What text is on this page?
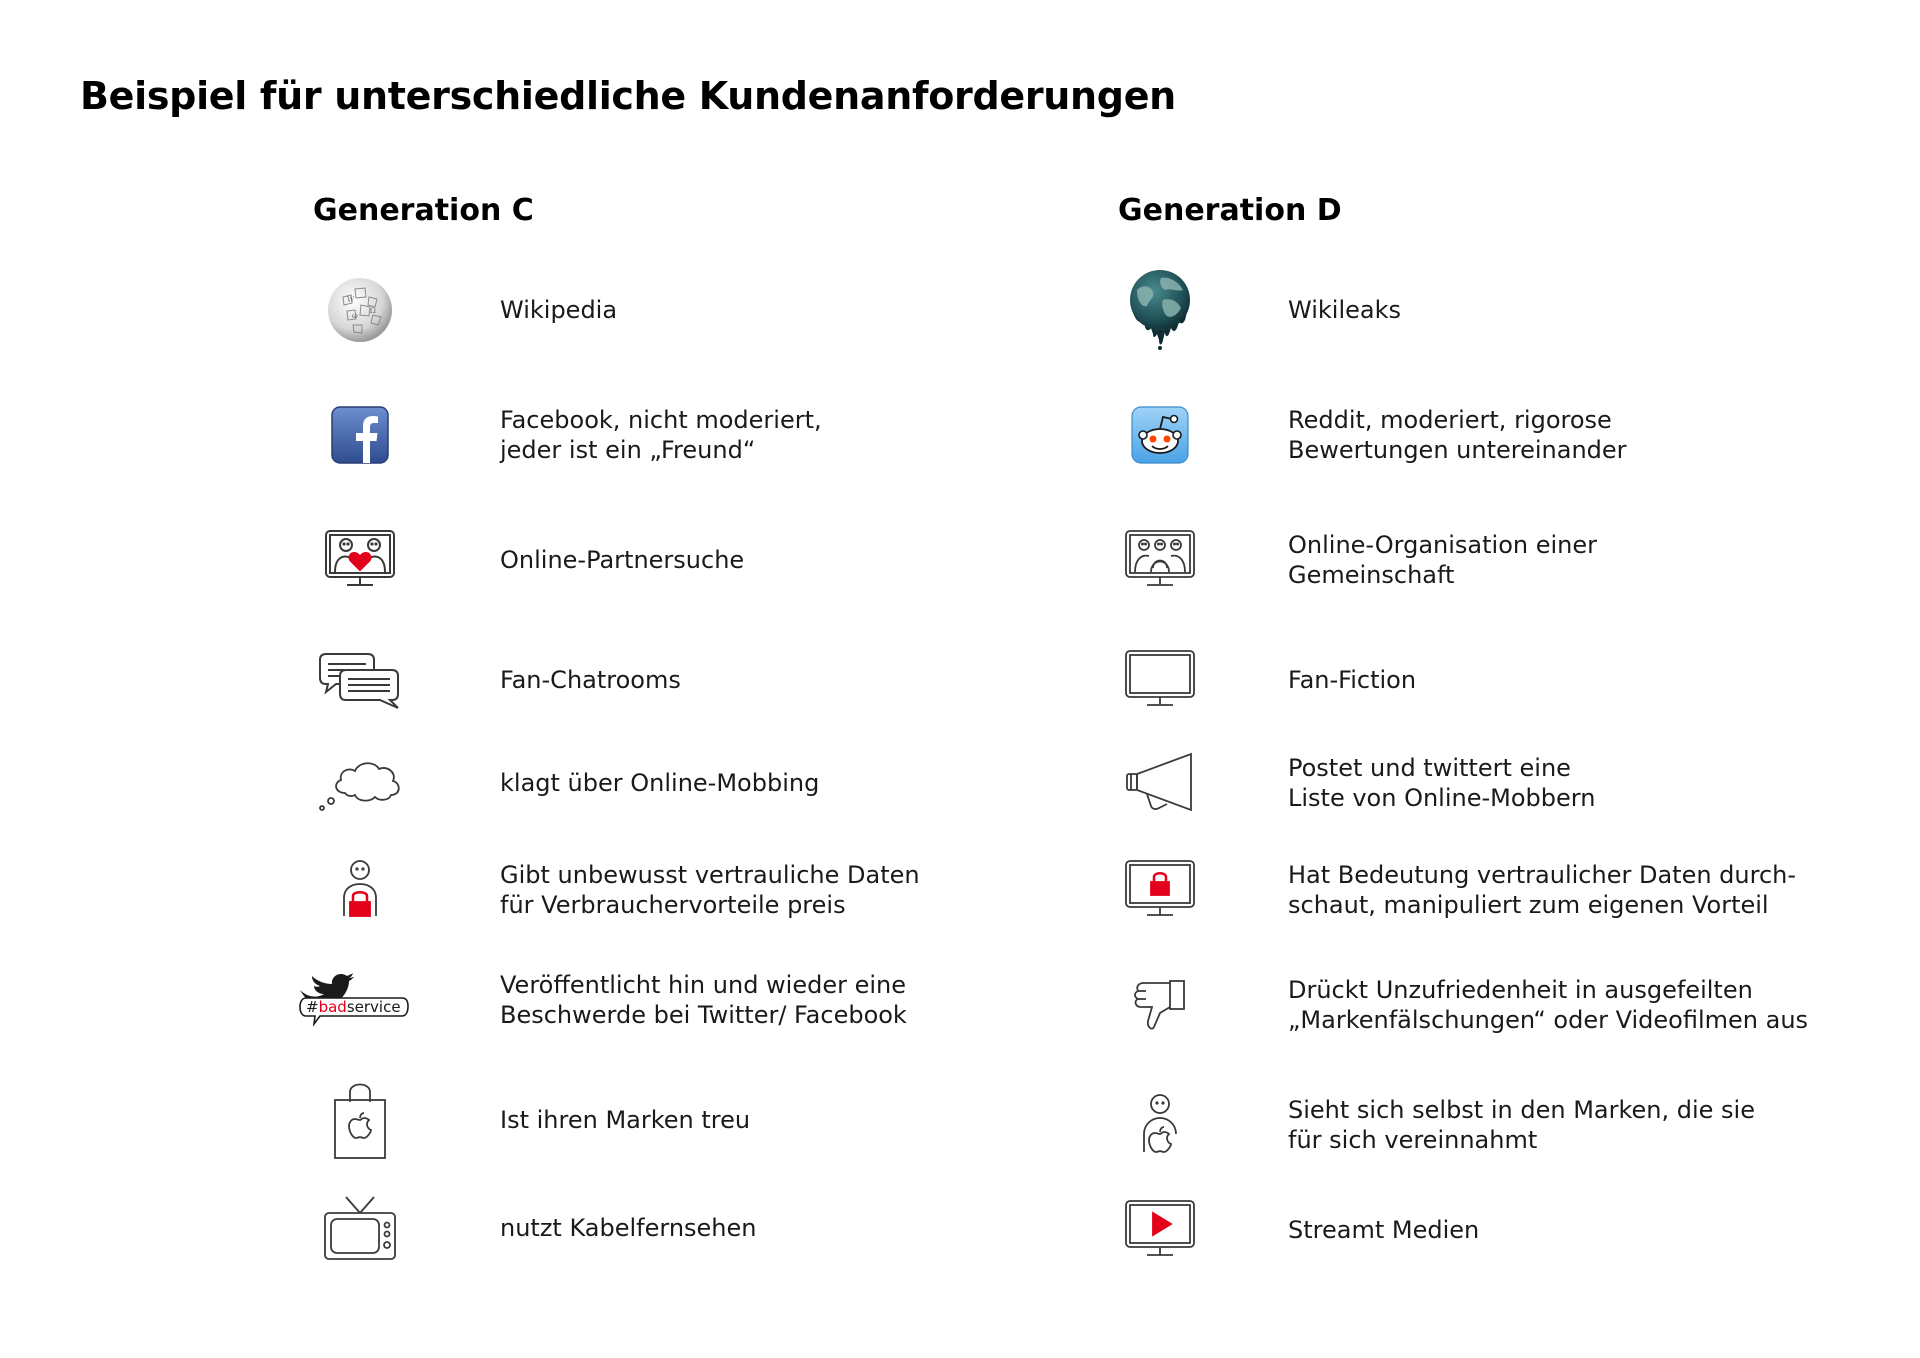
Beispiel für unterschiedliche Kundenanforderungen
Generation C	Generation D
W
Ω
ω	Wikipedia
Facebook, nicht moderiert,
jeder ist ein „Freund“
Online-Partnersuche
Fan-Chatrooms
klagt über Online-Mobbing
Gibt unbewusst vertrauliche Daten
für Verbrauchervorteile preis
#badservice
Veröffentlicht hin und wieder eine
Beschwerde bei Twitter/ Facebook
Ist ihren Marken treu
nutzt Kabelfernsehen
Wikileaks
Reddit, moderiert, rigorose
Bewertungen untereinander
Online-Organisation einer
Gemeinschaft
Fan-Fiction
Postet und twittert eine
Liste von Online-Mobbern
Hat Bedeutung vertraulicher Daten durch-
schaut, manipuliert zum eigenen Vorteil
Drückt Unzufriedenheit in ausgefeilten
„Markenfälschungen“ oder Videofilmen aus
Sieht sich selbst in den Marken, die sie
für sich vereinnahmt
Streamt Medien
